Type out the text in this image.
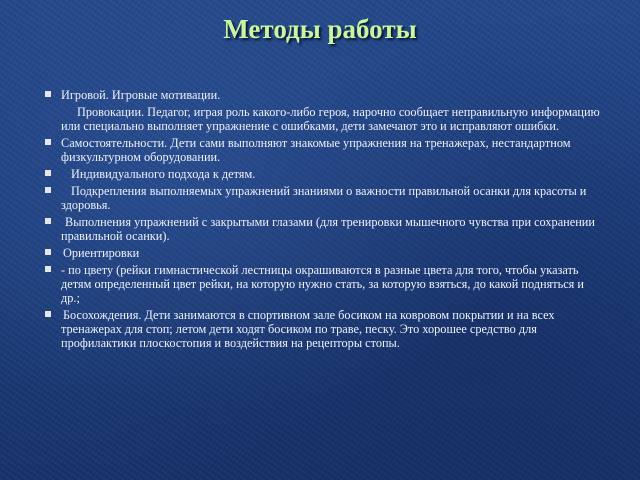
Методы работы
Игровой. Игровые мотивации.
Провокации. Педагог, играя роль какого-либо героя, нарочно сообщает неправильную информацию или специально выполняет упражнение с ошибками, дети замечают это и исправляют ошибки.
Самостоятельности. Дети сами выполняют знакомые упражнения на тренажерах, нестандартном физкультурном оборудовании.
Индивидуального подхода к детям.
Подкрепления выполняемых упражнений знаниями о важности правильной осанки для красоты и здоровья.
Выполнения упражнений с закрытыми глазами (для тренировки мышечного чувства при сохранении правильной осанки).
Ориентировки
- по цвету (рейки гимнастической лестницы окрашиваются в разные цвета для того, чтобы указать детям определенный цвет рейки, на которую нужно стать, за которую взяться, до какой подняться и др.;
Босохождения. Дети занимаются в спортивном зале босиком на ковровом покрытии и на всех тренажерах для стоп; летом дети ходят босиком по траве, песку. Это хорошее средство для профилактики плоскостопия и воздействия на рецепторы стопы.
